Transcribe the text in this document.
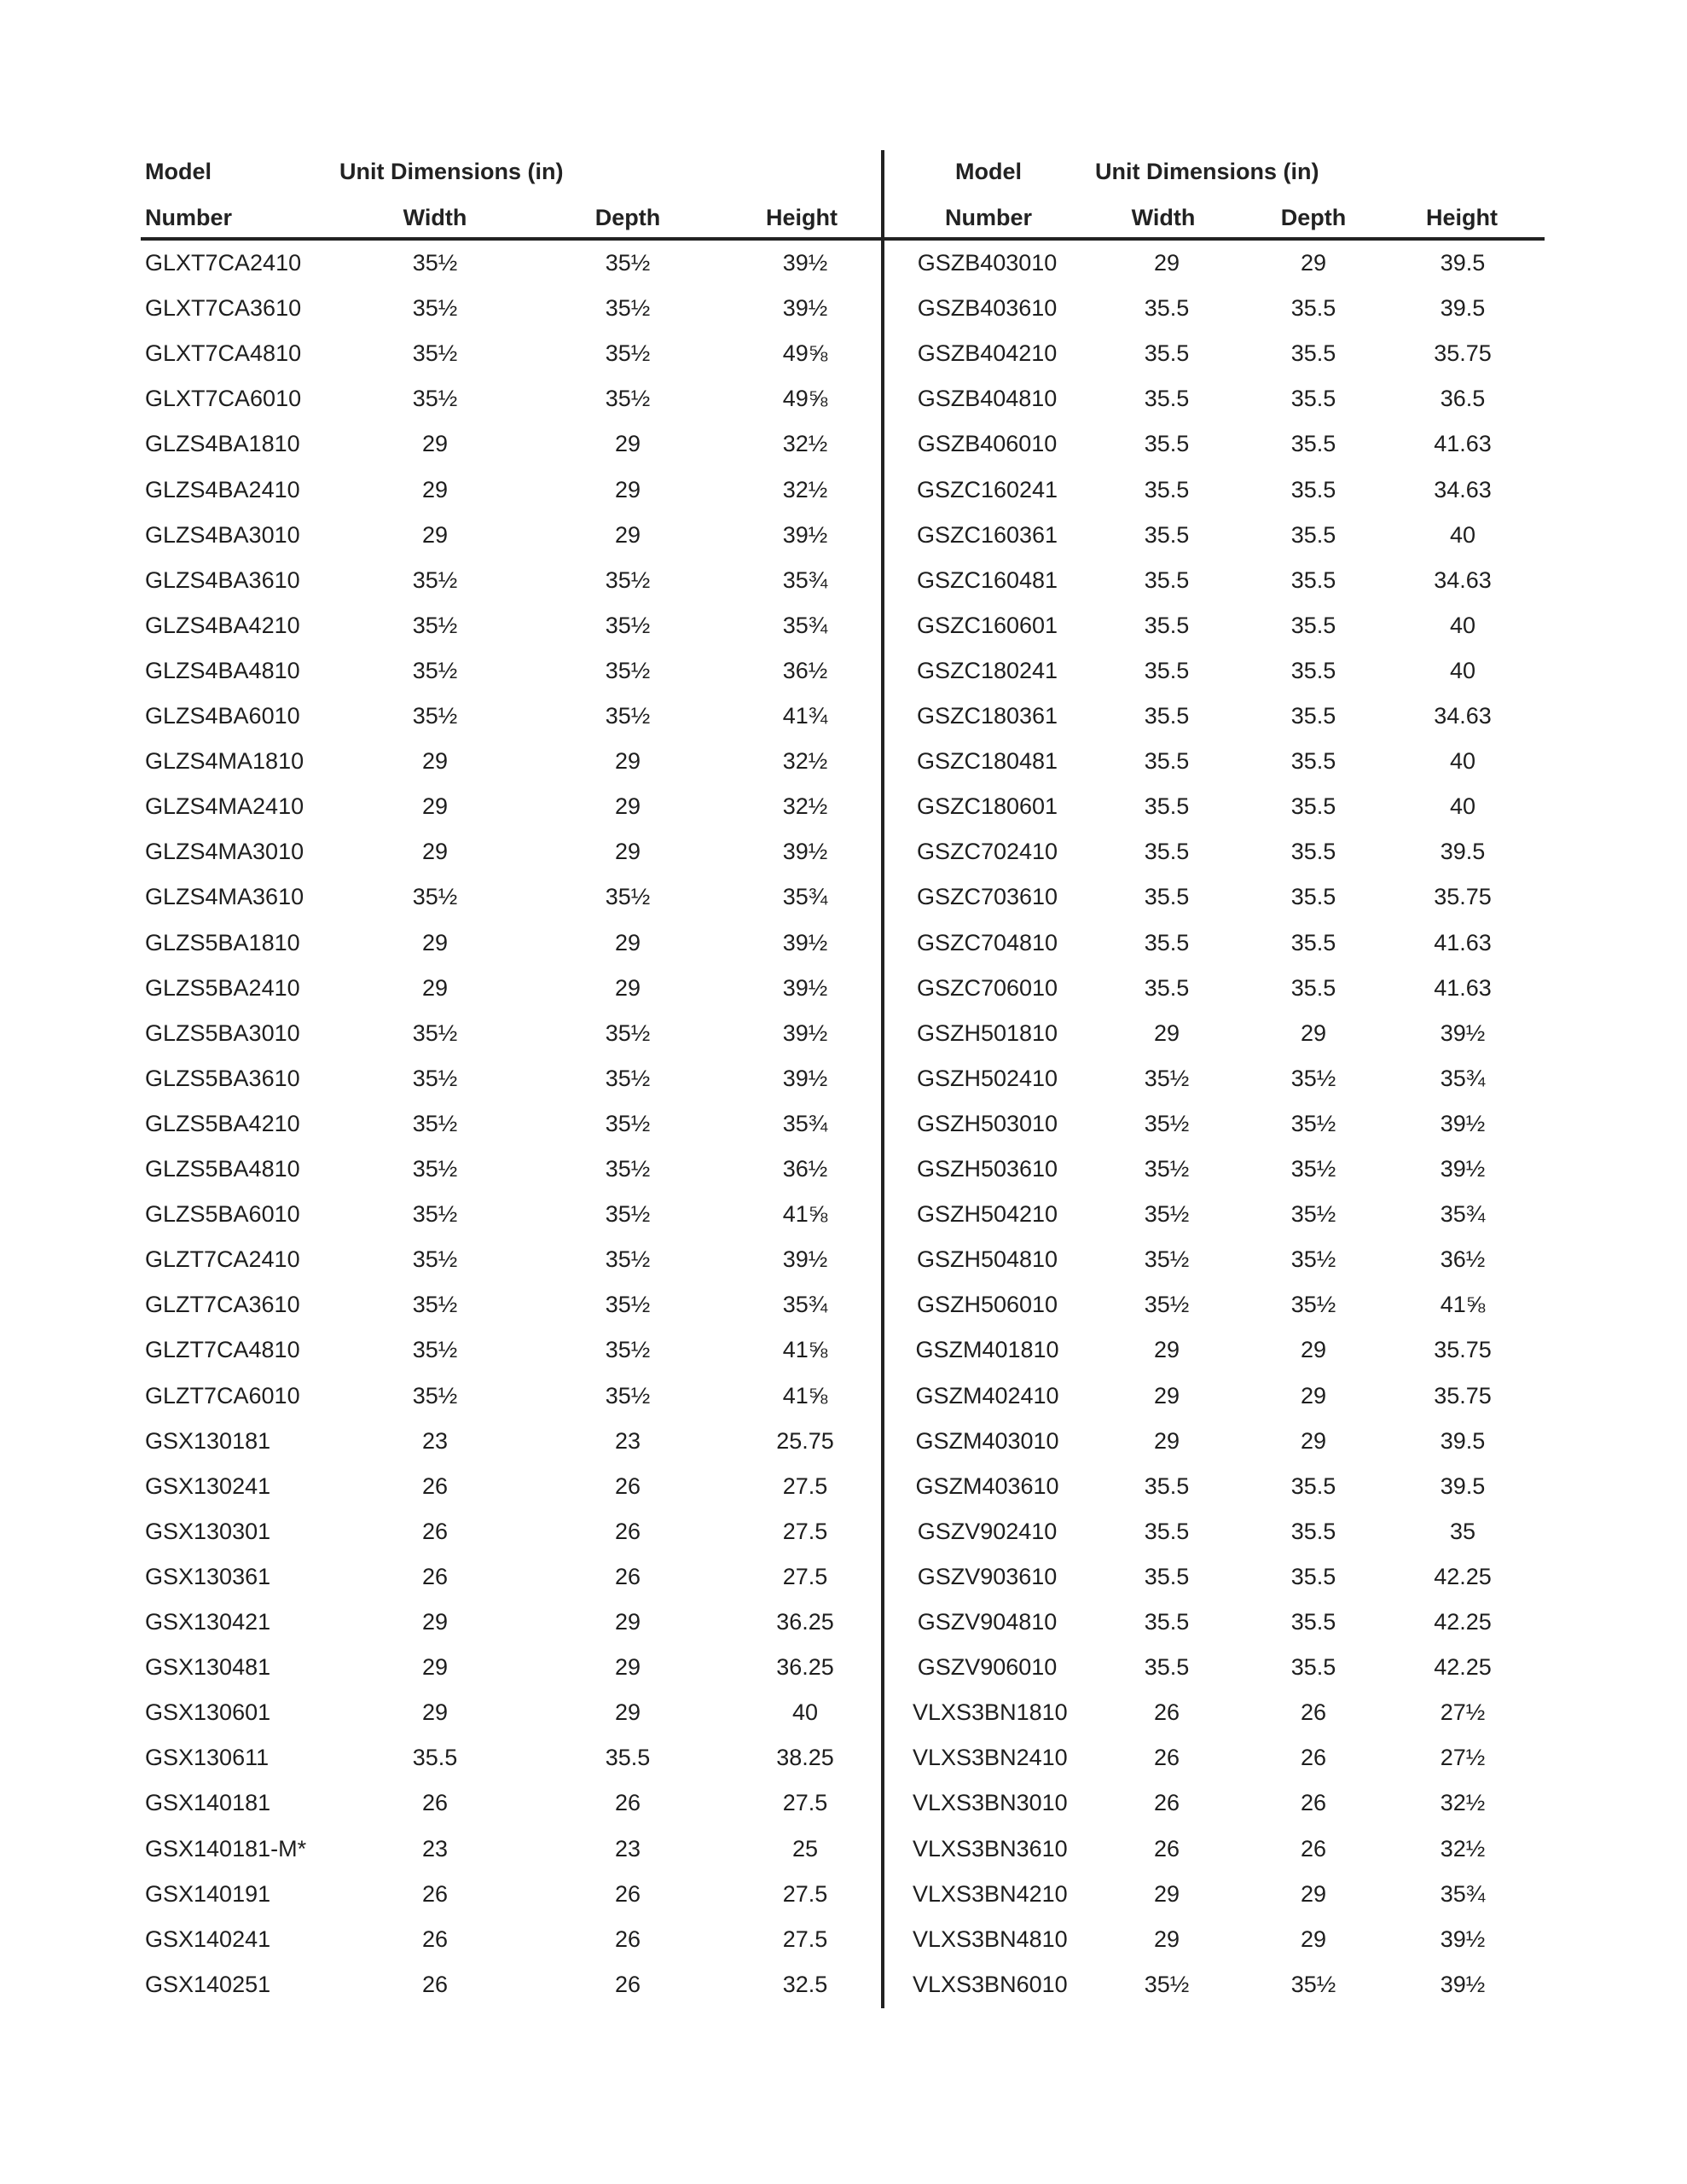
Model	Unit Dimensions (in)
Number	Width	Depth	Height
Model	Unit Dimensions (in)
Number	Width	Depth	Height
GLXT7CA2410	35½	35½	39½
GLXT7CA3610	35½	35½	39½
GLXT7CA4810	35½	35½	49⅝
GLXT7CA6010	35½	35½	49⅝
GLZS4BA1810	29	29	32½
GLZS4BA2410	29	29	32½
GLZS4BA3010	29	29	39½
GLZS4BA3610	35½	35½	35¾
GLZS4BA4210	35½	35½	35¾
GLZS4BA4810	35½	35½	36½
GLZS4BA6010	35½	35½	41¾
GLZS4MA1810	29	29	32½
GLZS4MA2410	29	29	32½
GLZS4MA3010	29	29	39½
GLZS4MA3610	35½	35½	35¾
GLZS5BA1810	29	29	39½
GLZS5BA2410	29	29	39½
GLZS5BA3010	35½	35½	39½
GLZS5BA3610	35½	35½	39½
GLZS5BA4210	35½	35½	35¾
GLZS5BA4810	35½	35½	36½
GLZS5BA6010	35½	35½	41⅝
GLZT7CA2410	35½	35½	39½
GLZT7CA3610	35½	35½	35¾
GLZT7CA4810	35½	35½	41⅝
GLZT7CA6010	35½	35½	41⅝
GSX130181	23	23	25.75
GSX130241	26	26	27.5
GSX130301	26	26	27.5
GSX130361	26	26	27.5
GSX130421	29	29	36.25
GSX130481	29	29	36.25
GSX130601	29	29	40
GSX130611	35.5	35.5	38.25
GSX140181	26	26	27.5
GSX140181-M*	23	23	25
GSX140191	26	26	27.5
GSX140241	26	26	27.5
GSX140251	26	26	32.5
GSZB403010	29	29	39.5
GSZB403610	35.5	35.5	39.5
GSZB404210	35.5	35.5	35.75
GSZB404810	35.5	35.5	36.5
GSZB406010	35.5	35.5	41.63
GSZC160241	35.5	35.5	34.63
GSZC160361	35.5	35.5	40
GSZC160481	35.5	35.5	34.63
GSZC160601	35.5	35.5	40
GSZC180241	35.5	35.5	40
GSZC180361	35.5	35.5	34.63
GSZC180481	35.5	35.5	40
GSZC180601	35.5	35.5	40
GSZC702410	35.5	35.5	39.5
GSZC703610	35.5	35.5	35.75
GSZC704810	35.5	35.5	41.63
GSZC706010	35.5	35.5	41.63
GSZH501810	29	29	39½
GSZH502410	35½	35½	35¾
GSZH503010	35½	35½	39½
GSZH503610	35½	35½	39½
GSZH504210	35½	35½	35¾
GSZH504810	35½	35½	36½
GSZH506010	35½	35½	41⅝
GSZM401810	29	29	35.75
GSZM402410	29	29	35.75
GSZM403010	29	29	39.5
GSZM403610	35.5	35.5	39.5
GSZV902410	35.5	35.5	35
GSZV903610	35.5	35.5	42.25
GSZV904810	35.5	35.5	42.25
GSZV906010	35.5	35.5	42.25
VLXS3BN1810	26	26	27½
VLXS3BN2410	26	26	27½
VLXS3BN3010	26	26	32½
VLXS3BN3610	26	26	32½
VLXS3BN4210	29	29	35¾
VLXS3BN4810	29	29	39½
VLXS3BN6010	35½	35½	39½
